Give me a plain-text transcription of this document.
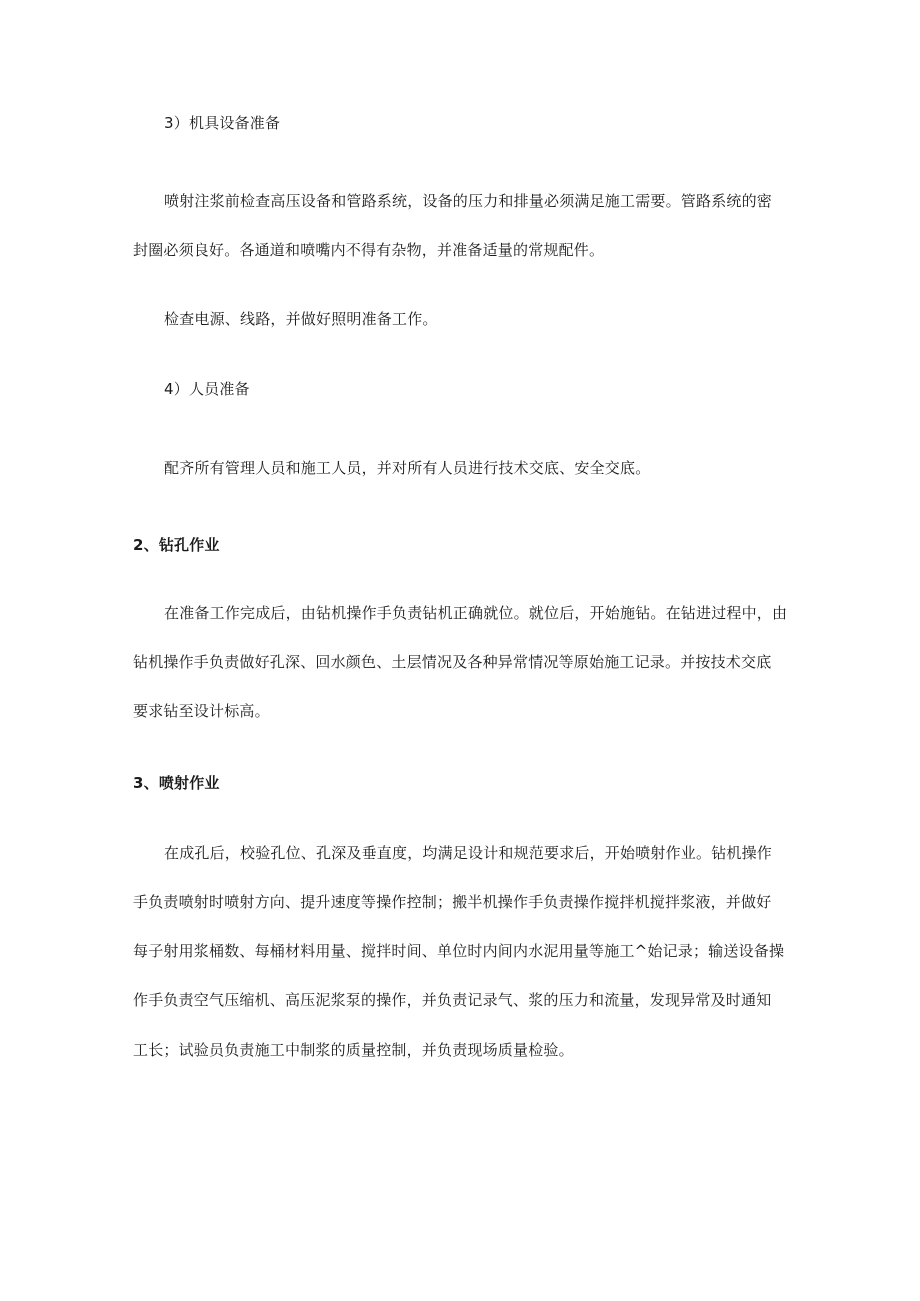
3）机具设备准备
喷射注浆前检查高压设备和管路系统，设备的压力和排量必须满足施工需要。管路系统的密
封圈必须良好。各通道和喷嘴内不得有杂物，并准备适量的常规配件。
检查电源、线路，并做好照明准备工作。
4）人员准备
配齐所有管理人员和施工人员，并对所有人员进行技术交底、安全交底。
2、钻孔作业
在准备工作完成后，由钻机操作手负责钻机正确就位。就位后，开始施钻。在钻进过程中，由
钻机操作手负责做好孔深、回水颜色、土层情况及各种异常情况等原始施工记录。并按技术交底
要求钻至设计标高。
3、喷射作业
在成孔后，校验孔位、孔深及垂直度，均满足设计和规范要求后，开始喷射作业。钻机操作
手负责喷射时喷射方向、提升速度等操作控制；搬半机操作手负责操作搅拌机搅拌浆液，并做好
每子射用浆桶数、每桶材料用量、搅拌时间、单位时内间内水泥用量等施工^始记录；输送设备操
作手负责空气压缩机、高压泥浆泵的操作，并负责记录气、浆的压力和流量，发现异常及时通知
工长；试验员负责施工中制浆的质量控制，并负责现场质量检验。
